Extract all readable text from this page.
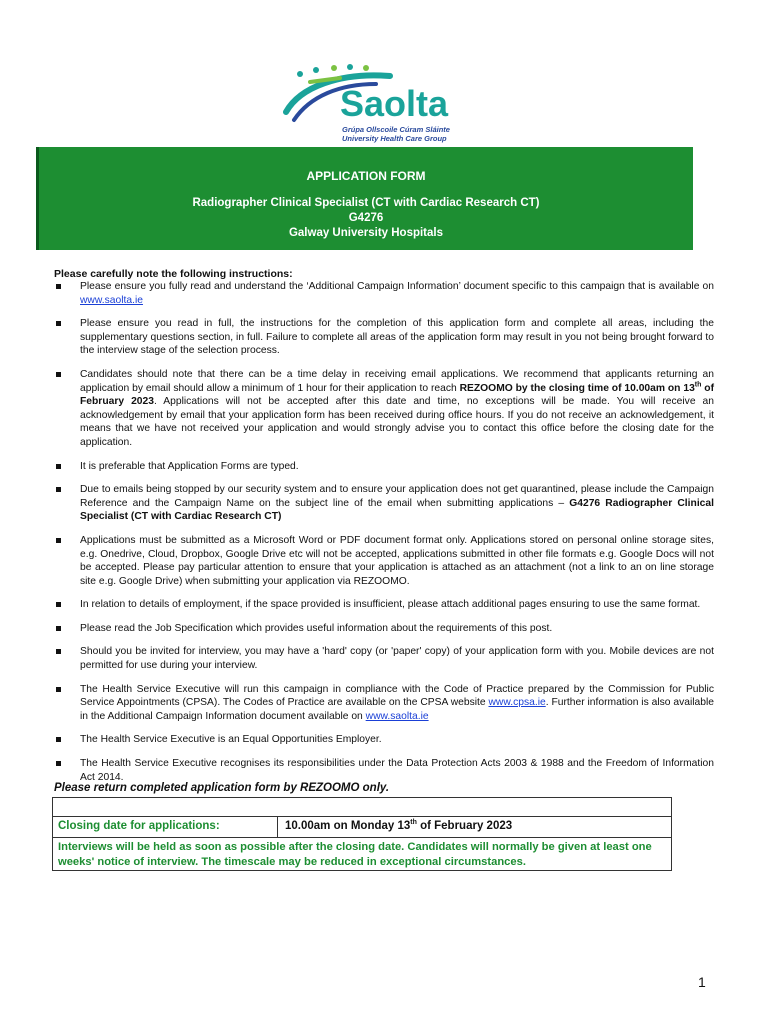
Saolta
Grúpa Ollscoile Cúram Sláinte
University Health Care Group
APPLICATION FORM
Radiographer Clinical Specialist (CT with Cardiac Research CT)
G4276
Galway University Hospitals
Please carefully note the following instructions:
Please ensure you fully read and understand the ‘Additional Campaign Information’ document specific to this campaign that is available on www.saolta.ie
Please ensure you read in full, the instructions for the completion of this application form and complete all areas, including the supplementary questions section, in full. Failure to complete all areas of the application form may result in you not being brought forward to the interview stage of the selection process.
Candidates should note that there can be a time delay in receiving email applications. We recommend that applicants returning an application by email should allow a minimum of 1 hour for their application to reach REZOOMO by the closing time of 10.00am on 13th of February 2023. Applications will not be accepted after this date and time, no exceptions will be made. You will receive an acknowledgement by email that your application form has been received during office hours. If you do not receive an acknowledgement, it means that we have not received your application and would strongly advise you to contact this office before the closing date for the application.
It is preferable that Application Forms are typed.
Due to emails being stopped by our security system and to ensure your application does not get quarantined, please include the Campaign Reference and the Campaign Name on the subject line of the email when submitting applications – G4276 Radiographer Clinical Specialist (CT with Cardiac Research CT)
Applications must be submitted as a Microsoft Word or PDF document format only. Applications stored on personal online storage sites, e.g. Onedrive, Cloud, Dropbox, Google Drive etc will not be accepted, applications submitted in other file formats e.g. Google Docs will not be accepted. Please pay particular attention to ensure that your application is attached as an attachment (not a link to an on line storage site e.g. Google Drive) when submitting your application via REZOOMO.
In relation to details of employment, if the space provided is insufficient, please attach additional pages ensuring to use the same format.
Please read the Job Specification which provides useful information about the requirements of this post.
Should you be invited for interview, you may have a 'hard' copy (or 'paper' copy) of your application form with you. Mobile devices are not permitted for use during your interview.
The Health Service Executive will run this campaign in compliance with the Code of Practice prepared by the Commission for Public Service Appointments (CPSA). The Codes of Practice are available on the CPSA website www.cpsa.ie. Further information is also available in the Additional Campaign Information document available on www.saolta.ie
The Health Service Executive is an Equal Opportunities Employer.
The Health Service Executive recognises its responsibilities under the Data Protection Acts 2003 & 1988 and the Freedom of Information Act 2014.
Please return completed application form by REZOOMO only.
Closing date for applications:	10.00am on Monday 13th of February 2023
Interviews will be held as soon as possible after the closing date. Candidates will normally be given at least one weeks' notice of interview. The timescale may be reduced in exceptional circumstances.
1
